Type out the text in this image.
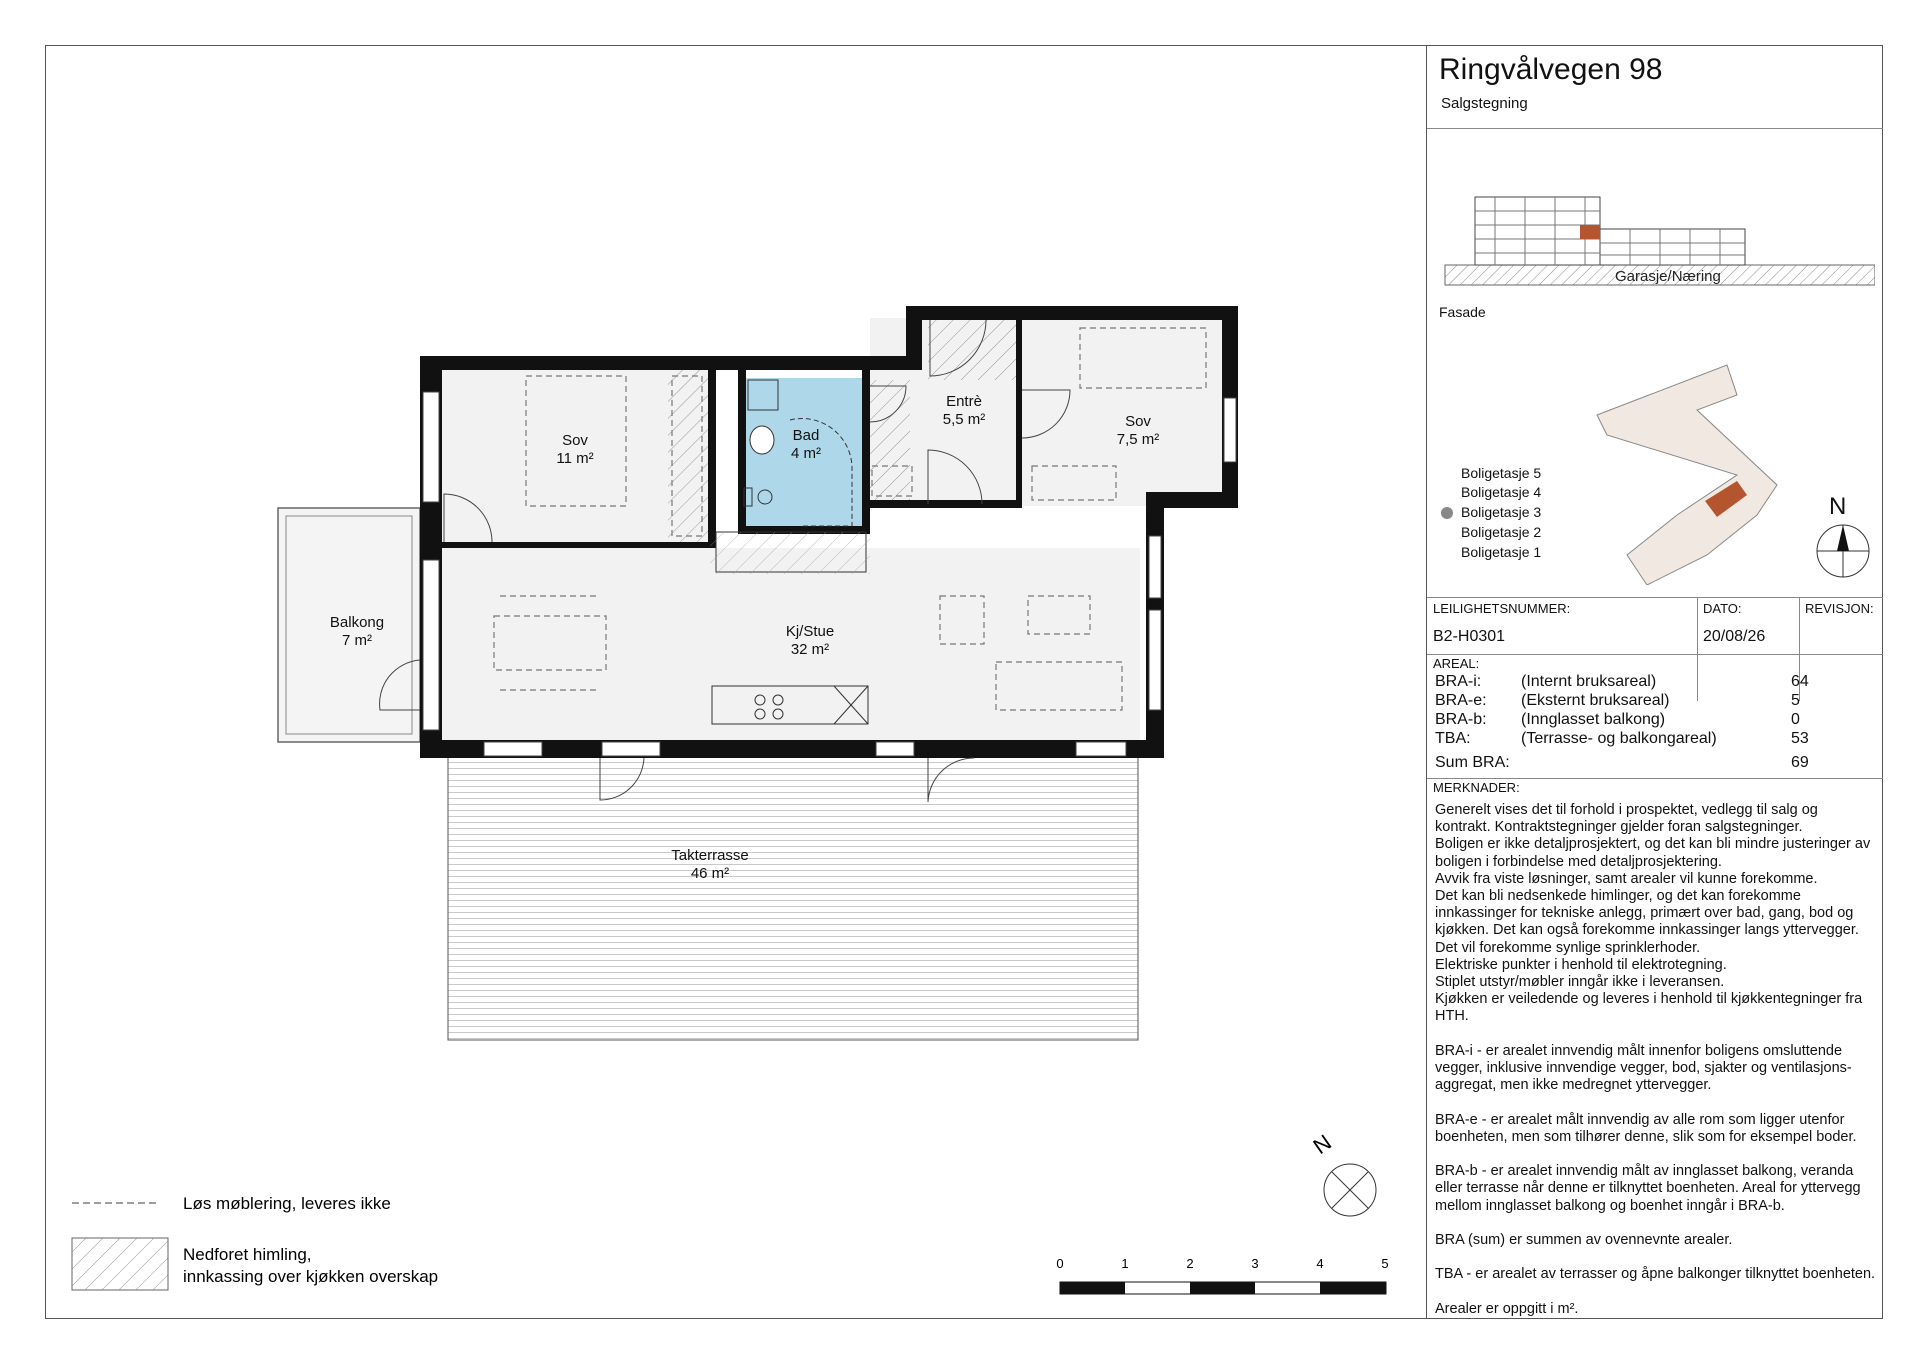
Sov
11 m²
Bad
4 m²
Entrè
5,5 m²	Sov
7,5 m²
Balkong
7 m²
Kj/Stue
32 m²
Takterrasse
46 m²
N
Løs møblering, leveres ikke
Nedforet himling,
innkassing over kjøkken overskap
0	1	2	3	4	5
Ringvålvegen 98
Salgstegning
Garasje/Næring
Fasade
Boligetasje 5
Boligetasje 4
Boligetasje 3
Boligetasje 2
Boligetasje 1
N
LEILIGHETSNUMMER:	DATO:	REVISJON:
B2-H0301	20/08/26
AREAL:
BRA-i: (Internt bruksareal)	64
BRA-e: (Eksternt bruksareal)	5
BRA-b: (Innglasset balkong)	0
TBA:	(Terrasse- og balkongareal)	53
Sum BRA:	69
MERKNADER:
Generelt vises det til forhold i prospektet, vedlegg til salg og
kontrakt. Kontraktstegninger gjelder foran salgstegninger.
Boligen er ikke detaljprosjektert, og det kan bli mindre justeringer av
boligen i forbindelse med detaljprosjektering.
Avvik fra viste løsninger, samt arealer vil kunne forekomme.
Det kan bli nedsenkede himlinger, og det kan forekomme
innkassinger for tekniske anlegg, primært over bad, gang, bod og
kjøkken. Det kan også forekomme innkassinger langs yttervegger.
Det vil forekomme synlige sprinklerhoder.
Elektriske punkter i henhold til elektrotegning.
Stiplet utstyr/møbler inngår ikke i leveransen.
Kjøkken er veiledende og leveres i henhold til kjøkkentegninger fra
HTH.

BRA-i - er arealet innvendig målt innenfor boligens omsluttende
vegger, inklusive innvendige vegger, bod, sjakter og ventilasjons-
aggregat, men ikke medregnet yttervegger.

BRA-e - er arealet målt innvendig av alle rom som ligger utenfor
boenheten, men som tilhører denne, slik som for eksempel boder.

BRA-b - er arealet innvendig målt av innglasset balkong, veranda
eller terrasse når denne er tilknyttet boenheten. Areal for yttervegg
mellom innglasset balkong og boenhet inngår i BRA-b.

BRA (sum) er summen av ovennevnte arealer.

TBA - er arealet av terrasser og åpne balkonger tilknyttet boenheten.

Arealer er oppgitt i m².
